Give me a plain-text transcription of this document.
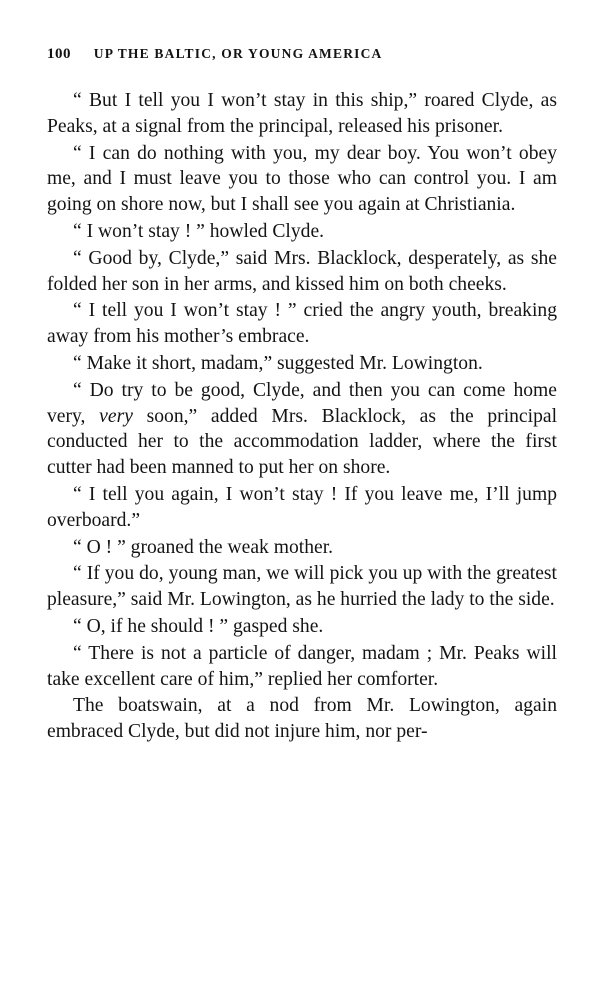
100 UP THE BALTIC, OR YOUNG AMERICA

“ But I tell you I won’t stay in this ship,” roared Clyde, as Peaks, at a signal from the principal, released his prisoner.

“ I can do nothing with you, my dear boy. You won’t obey me, and I must leave you to those who can control you. I am going on shore now, but I shall see you again at Christiania.

“ I won’t stay ! ” howled Clyde.

“ Good by, Clyde,” said Mrs. Blacklock, desperately, as she folded her son in her arms, and kissed him on both cheeks.

“ I tell you I won’t stay ! ” cried the angry youth, breaking away from his mother’s embrace.

“ Make it short, madam,” suggested Mr. Lowington.

“ Do try to be good, Clyde, and then you can come home very, very soon,” added Mrs. Blacklock, as the principal conducted her to the accommodation ladder, where the first cutter had been manned to put her on shore.

“ I tell you again, I won’t stay ! If you leave me, I’ll jump overboard.”

“ O ! ” groaned the weak mother.

“ If you do, young man, we will pick you up with the greatest pleasure,” said Mr. Lowington, as he hurried the lady to the side.

“ O, if he should ! ” gasped she.

“ There is not a particle of danger, madam ; Mr. Peaks will take excellent care of him,” replied her comforter.

The boatswain, at a nod from Mr. Lowington, again embraced Clyde, but did not injure him, nor per-
